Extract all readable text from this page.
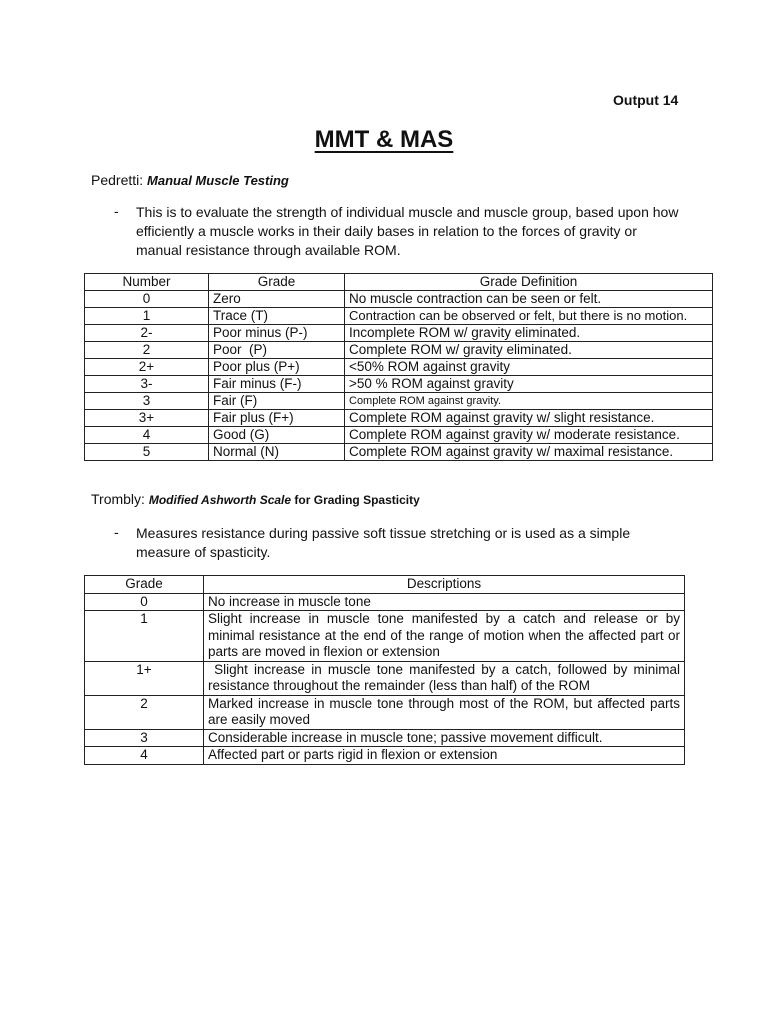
Output 14
MMT & MAS
Pedretti: Manual Muscle Testing
- This is to evaluate the strength of individual muscle and muscle group, based upon how efficiently a muscle works in their daily bases in relation to the forces of gravity or manual resistance through available ROM.
Number	Grade	Grade Definition
0	Zero	No muscle contraction can be seen or felt.
1	Trace (T)	Contraction can be observed or felt, but there is no motion.
2-	Poor minus (P-)	Incomplete ROM w/ gravity eliminated.
2	Poor  (P)	Complete ROM w/ gravity eliminated.
2+	Poor plus (P+)	<50% ROM against gravity
3-	Fair minus (F-)	>50 % ROM against gravity
3	Fair (F)	Complete ROM against gravity.
3+	Fair plus (F+)	Complete ROM against gravity w/ slight resistance.
4	Good (G)	Complete ROM against gravity w/ moderate resistance.
5	Normal (N)	Complete ROM against gravity w/ maximal resistance.
Trombly: Modified Ashworth Scale for Grading Spasticity
- Measures resistance during passive soft tissue stretching or is used as a simple measure of spasticity.
Grade	Descriptions
0	No increase in muscle tone
1	Slight increase in muscle tone manifested by a catch and release or by minimal resistance at the end of the range of motion when the affected part or parts are moved in flexion or extension
1+	Slight increase in muscle tone manifested by a catch, followed by minimal resistance throughout the remainder (less than half) of the ROM
2	Marked increase in muscle tone through most of the ROM, but affected parts are easily moved
3	Considerable increase in muscle tone; passive movement difficult.
4	Affected part or parts rigid in flexion or extension
